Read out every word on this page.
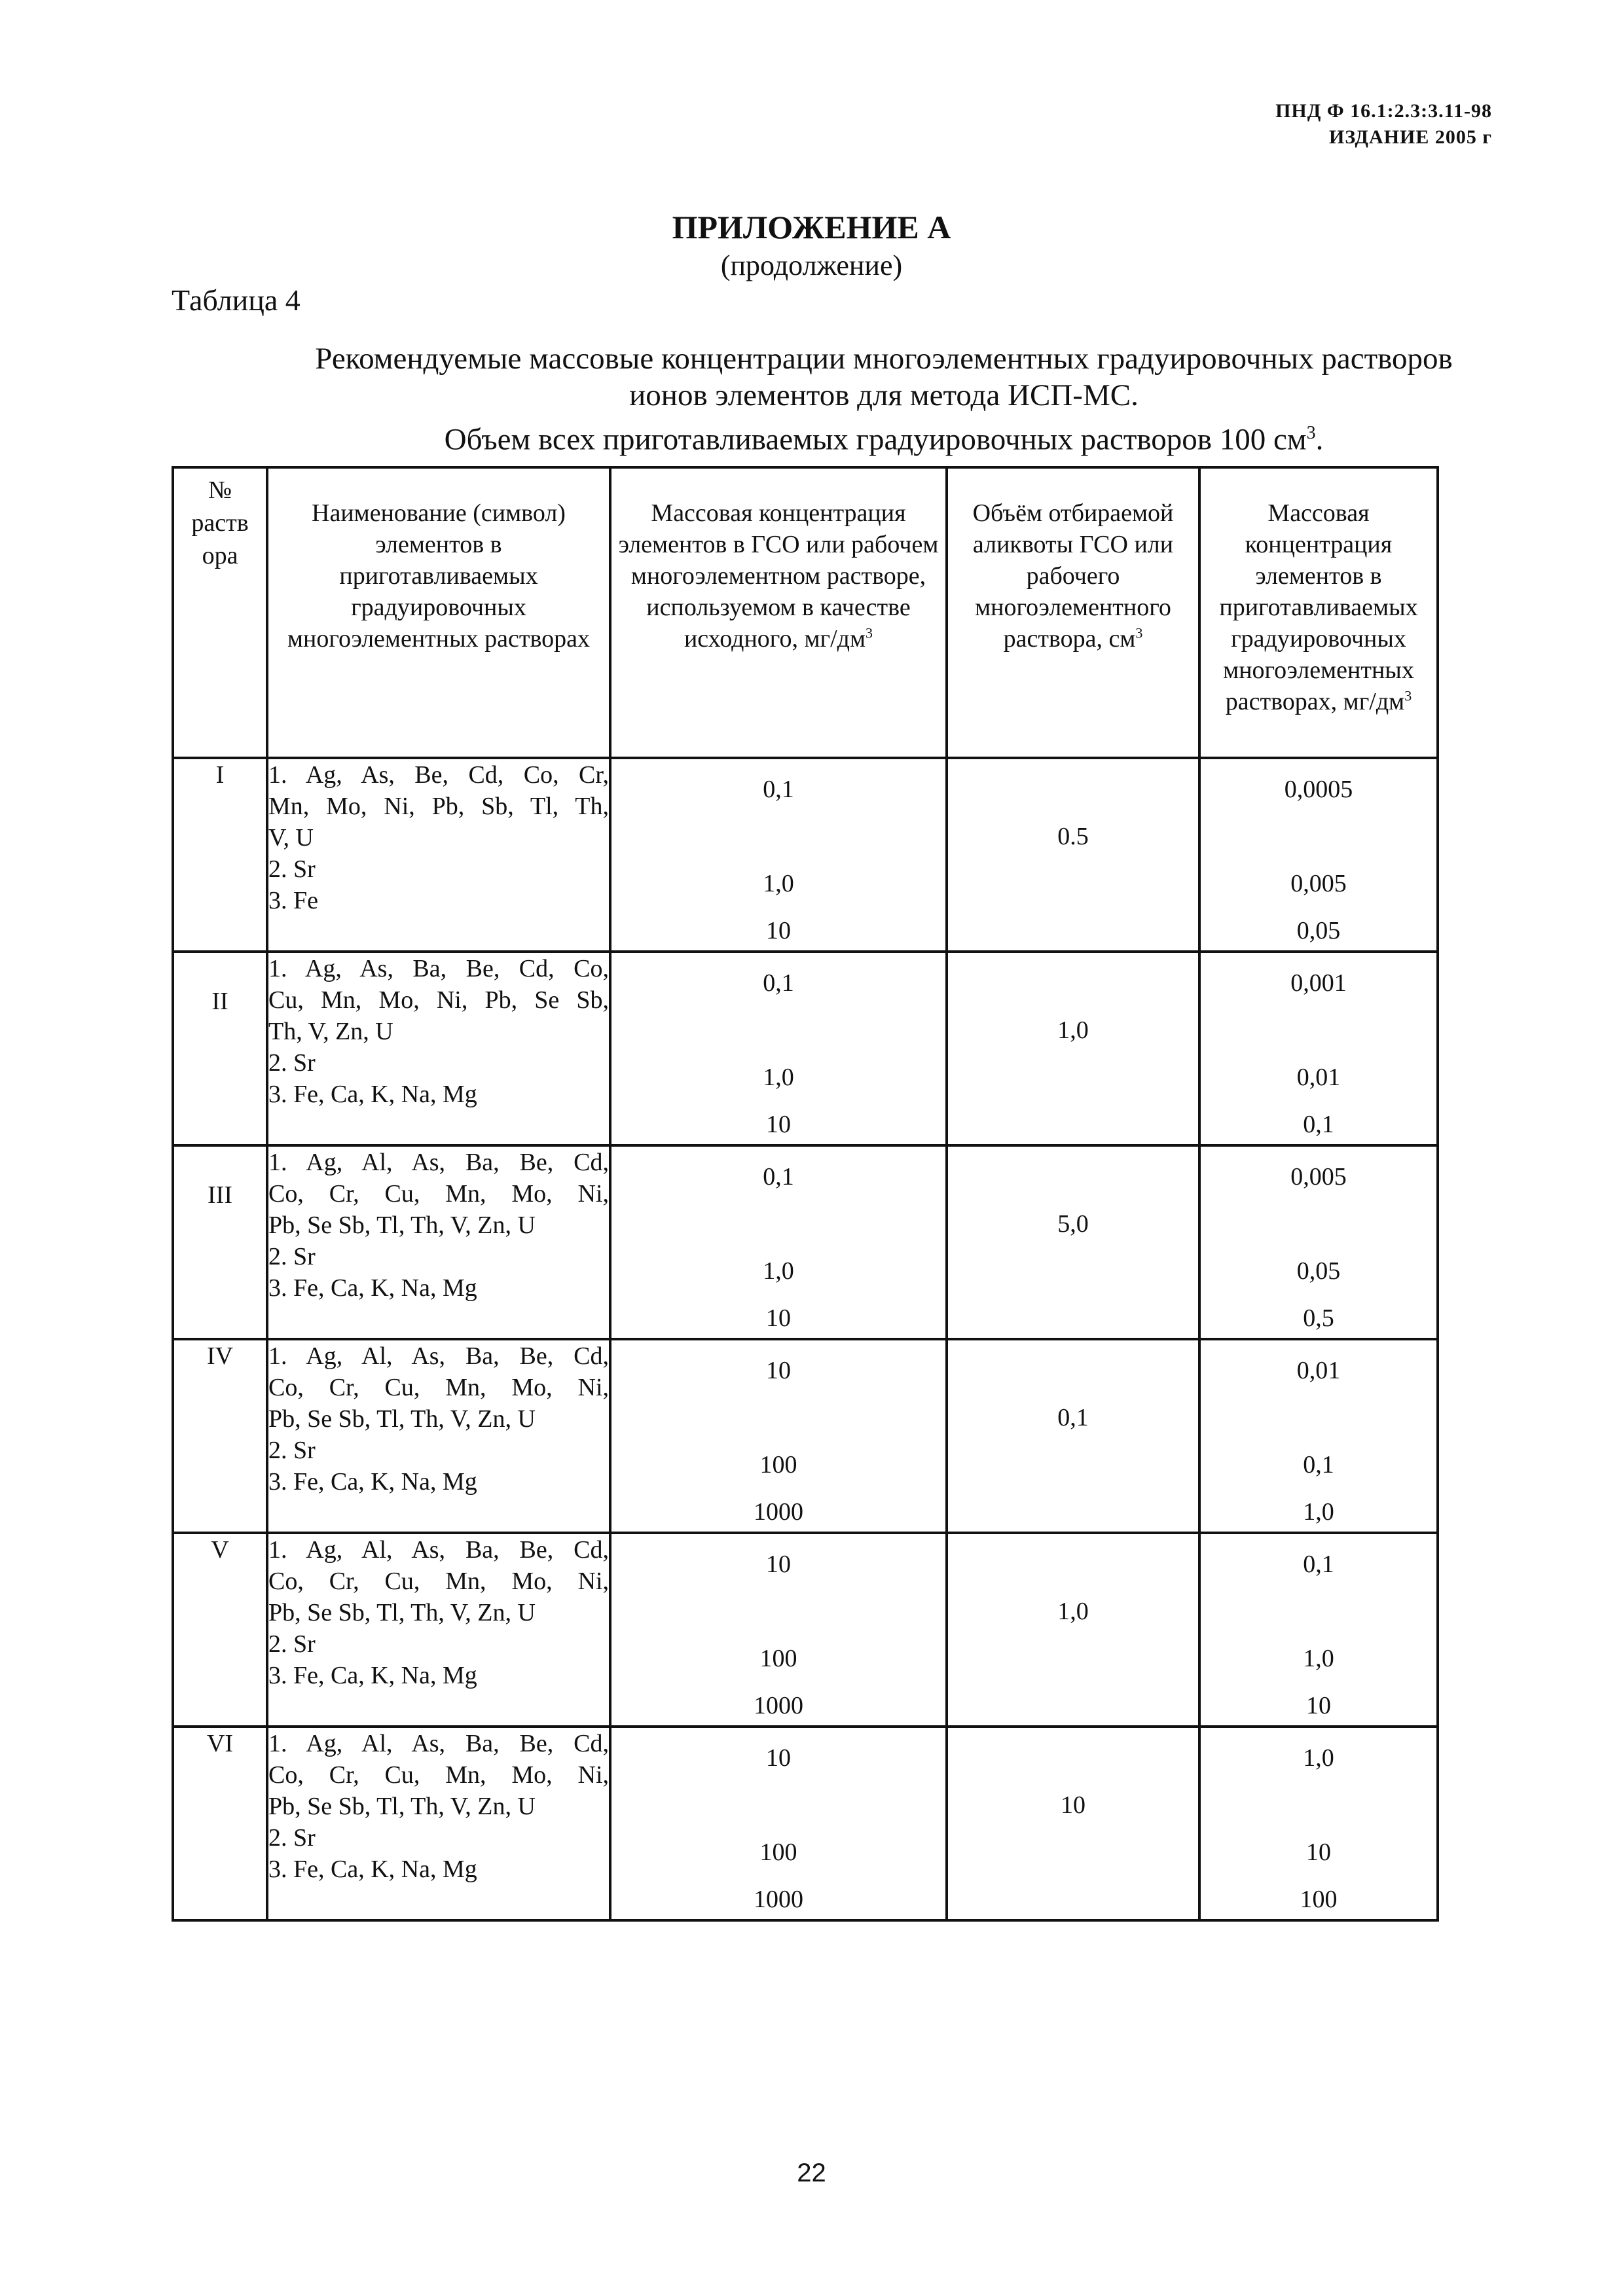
ПНД Ф 16.1:2.3:3.11-98
ИЗДАНИЕ 2005 г
ПРИЛОЖЕНИЕ А
(продолжение)
Таблица 4
Рекомендуемые массовые концентрации многоэлементных градуировочных растворов
ионов элементов для метода ИСП-МС.
Объем всех приготавливаемых градуировочных растворов 100 $см^3$.
№
раств
ора	Наименование (символ) элементов в приготавливаемых градуировочных многоэлементных растворах	Массовая концентрация элементов в ГСО или рабочем многоэлементном растворе, используемом в качестве исходного, $мг/дм^3$	Объём отбираемой аликвоты ГСО или рабочего многоэлементного раствора, $см^3$	Массовая концентрация элементов в приготавливаемых градуировочных многоэлементных растворах, $мг/дм^3$
I	1. Ag, As, Be, Cd, Co, Cr,
Mn, Mo, Ni, Pb, Sb, Tl, Th,
V, U
2. Sr
3. Fe	0,1
1,0
10	0.5	0,0005
0,005
0,05

II	1. Ag, As, Ba, Be, Cd, Co,
Cu, Mn, Mo, Ni, Pb, Se Sb,
Th, V, Zn, U
2. Sr
3. Fe, Ca, K, Na, Mg	0,1
1,0
10	1,0	0,001
0,01
0,1

III	1. Ag, Al, As, Ba, Be, Cd,
Co, Cr, Cu, Mn, Mo, Ni,
Pb, Se Sb, Tl, Th, V, Zn, U
2. Sr
3. Fe, Ca, K, Na, Mg	0,1
1,0
10	5,0	0,005
0,05
0,5

IV	1. Ag, Al, As, Ba, Be, Cd,
Co, Cr, Cu, Mn, Mo, Ni,
Pb, Se Sb, Tl, Th, V, Zn, U
2. Sr
3. Fe, Ca, K, Na, Mg	10
100
1000	0,1	0,01
0,1
1,0

V	1. Ag, Al, As, Ba, Be, Cd,
Co, Cr, Cu, Mn, Mo, Ni,
Pb, Se Sb, Tl, Th, V, Zn, U
2. Sr
3. Fe, Ca, K, Na, Mg	10
100
1000	1,0	0,1
1,0
10

VI	1. Ag, Al, As, Ba, Be, Cd,
Co, Cr, Cu, Mn, Mo, Ni,
Pb, Se Sb, Tl, Th, V, Zn, U
2. Sr
3. Fe, Ca, K, Na, Mg	10
100
1000	10	1,0
10
100
22
